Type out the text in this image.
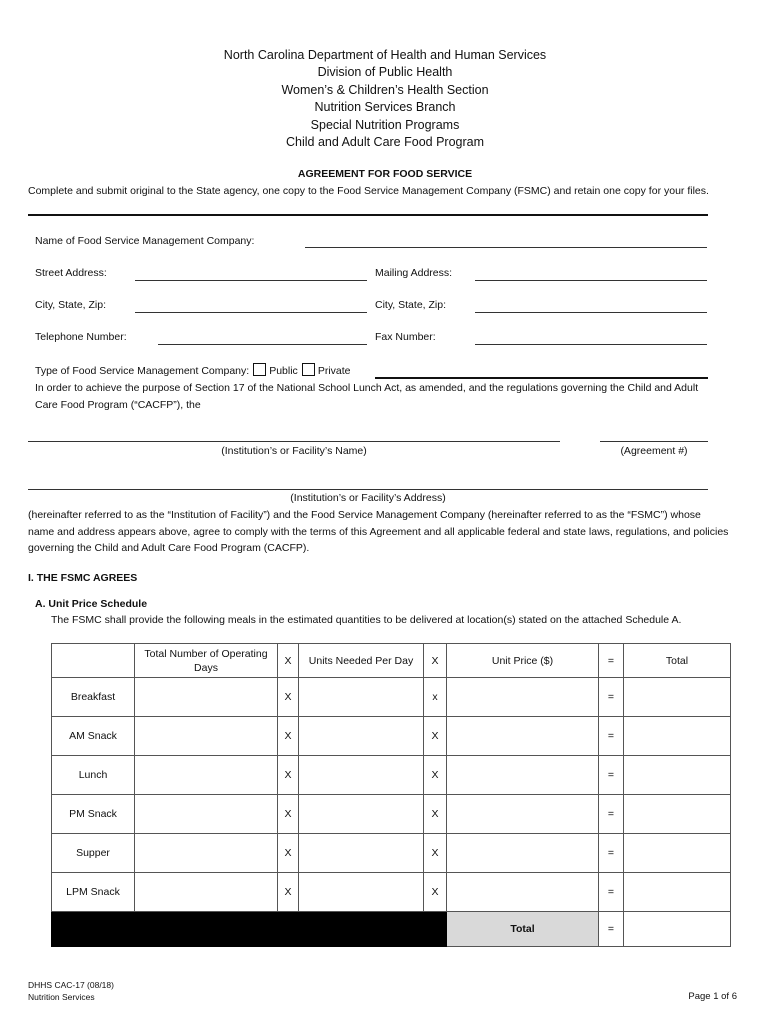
North Carolina Department of Health and Human Services
Division of Public Health
Women’s & Children’s Health Section
Nutrition Services Branch
Special Nutrition Programs
Child and Adult Care Food Program
AGREEMENT FOR FOOD SERVICE
Complete and submit original to the State agency, one copy to the Food Service Management Company (FSMC) and retain one copy for your files.
Name of Food Service Management Company:
Street Address:	Mailing Address:
City, State, Zip:	City, State, Zip:
Telephone Number:	Fax Number:
Type of Food Service Management Company: Public Private
In order to achieve the purpose of Section 17 of the National School Lunch Act, as amended, and the regulations governing the Child and Adult Care Food Program (“CACFP”), the
(Institution’s or Facility’s Name)	(Agreement #)
(Institution’s or Facility’s Address)
(hereinafter referred to as the “Institution of Facility”) and the Food Service Management Company (hereinafter referred to as the “FSMC”) whose name and address appears above, agree to comply with the terms of this Agreement and all applicable federal and state laws, regulations, and policies governing the Child and Adult Care Food Program (CACFP).
I. THE FSMC AGREES
A. Unit Price Schedule
The FSMC shall provide the following meals in the estimated quantities to be delivered at location(s) stated on the attached Schedule A.
	Total Number of Operating Days	X	Units Needed Per Day	X	Unit Price ($)	=	Total
Breakfast		X		x		=	
AM Snack		X		X		=	
Lunch		X		X		=	
PM Snack		X		X		=	
Supper		X		X		=	
LPM Snack		X		X		=	
					Total	=	
DHHS CAC-17 (08/18)
Nutrition Services	Page 1 of 6
